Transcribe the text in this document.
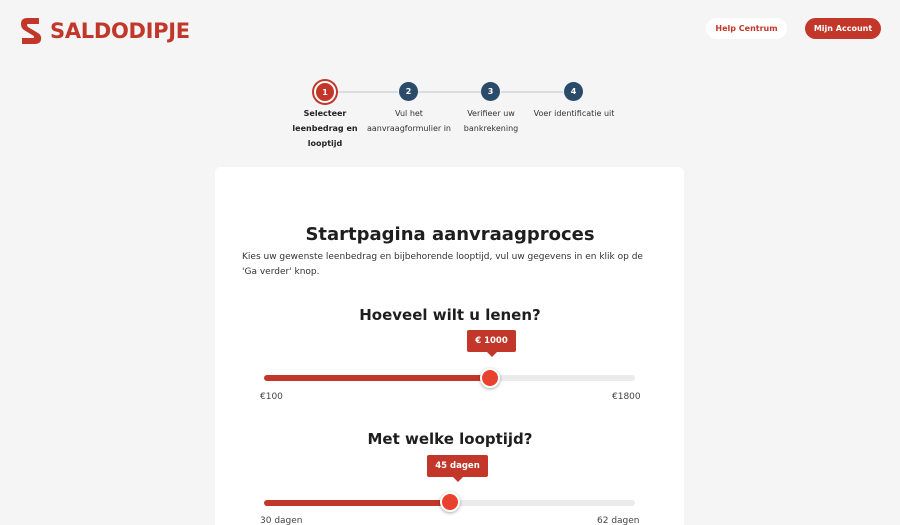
SALDODIPJE	Help Centrum	Mijn Account
1	2	3	4
Selecteer leenbedrag en looptijd
Vul het aanvraagformulier in
Verifieer uw bankrekening
Voer identificatie uit
Startpagina aanvraagproces
Kies uw gewenste leenbedrag en bijbehorende looptijd, vul uw gegevens in en klik op de 'Ga verder' knop.
Hoeveel wilt u lenen?
€ 1000
€100	€1800
Met welke looptijd?
45 dagen
30 dagen	62 dagen
